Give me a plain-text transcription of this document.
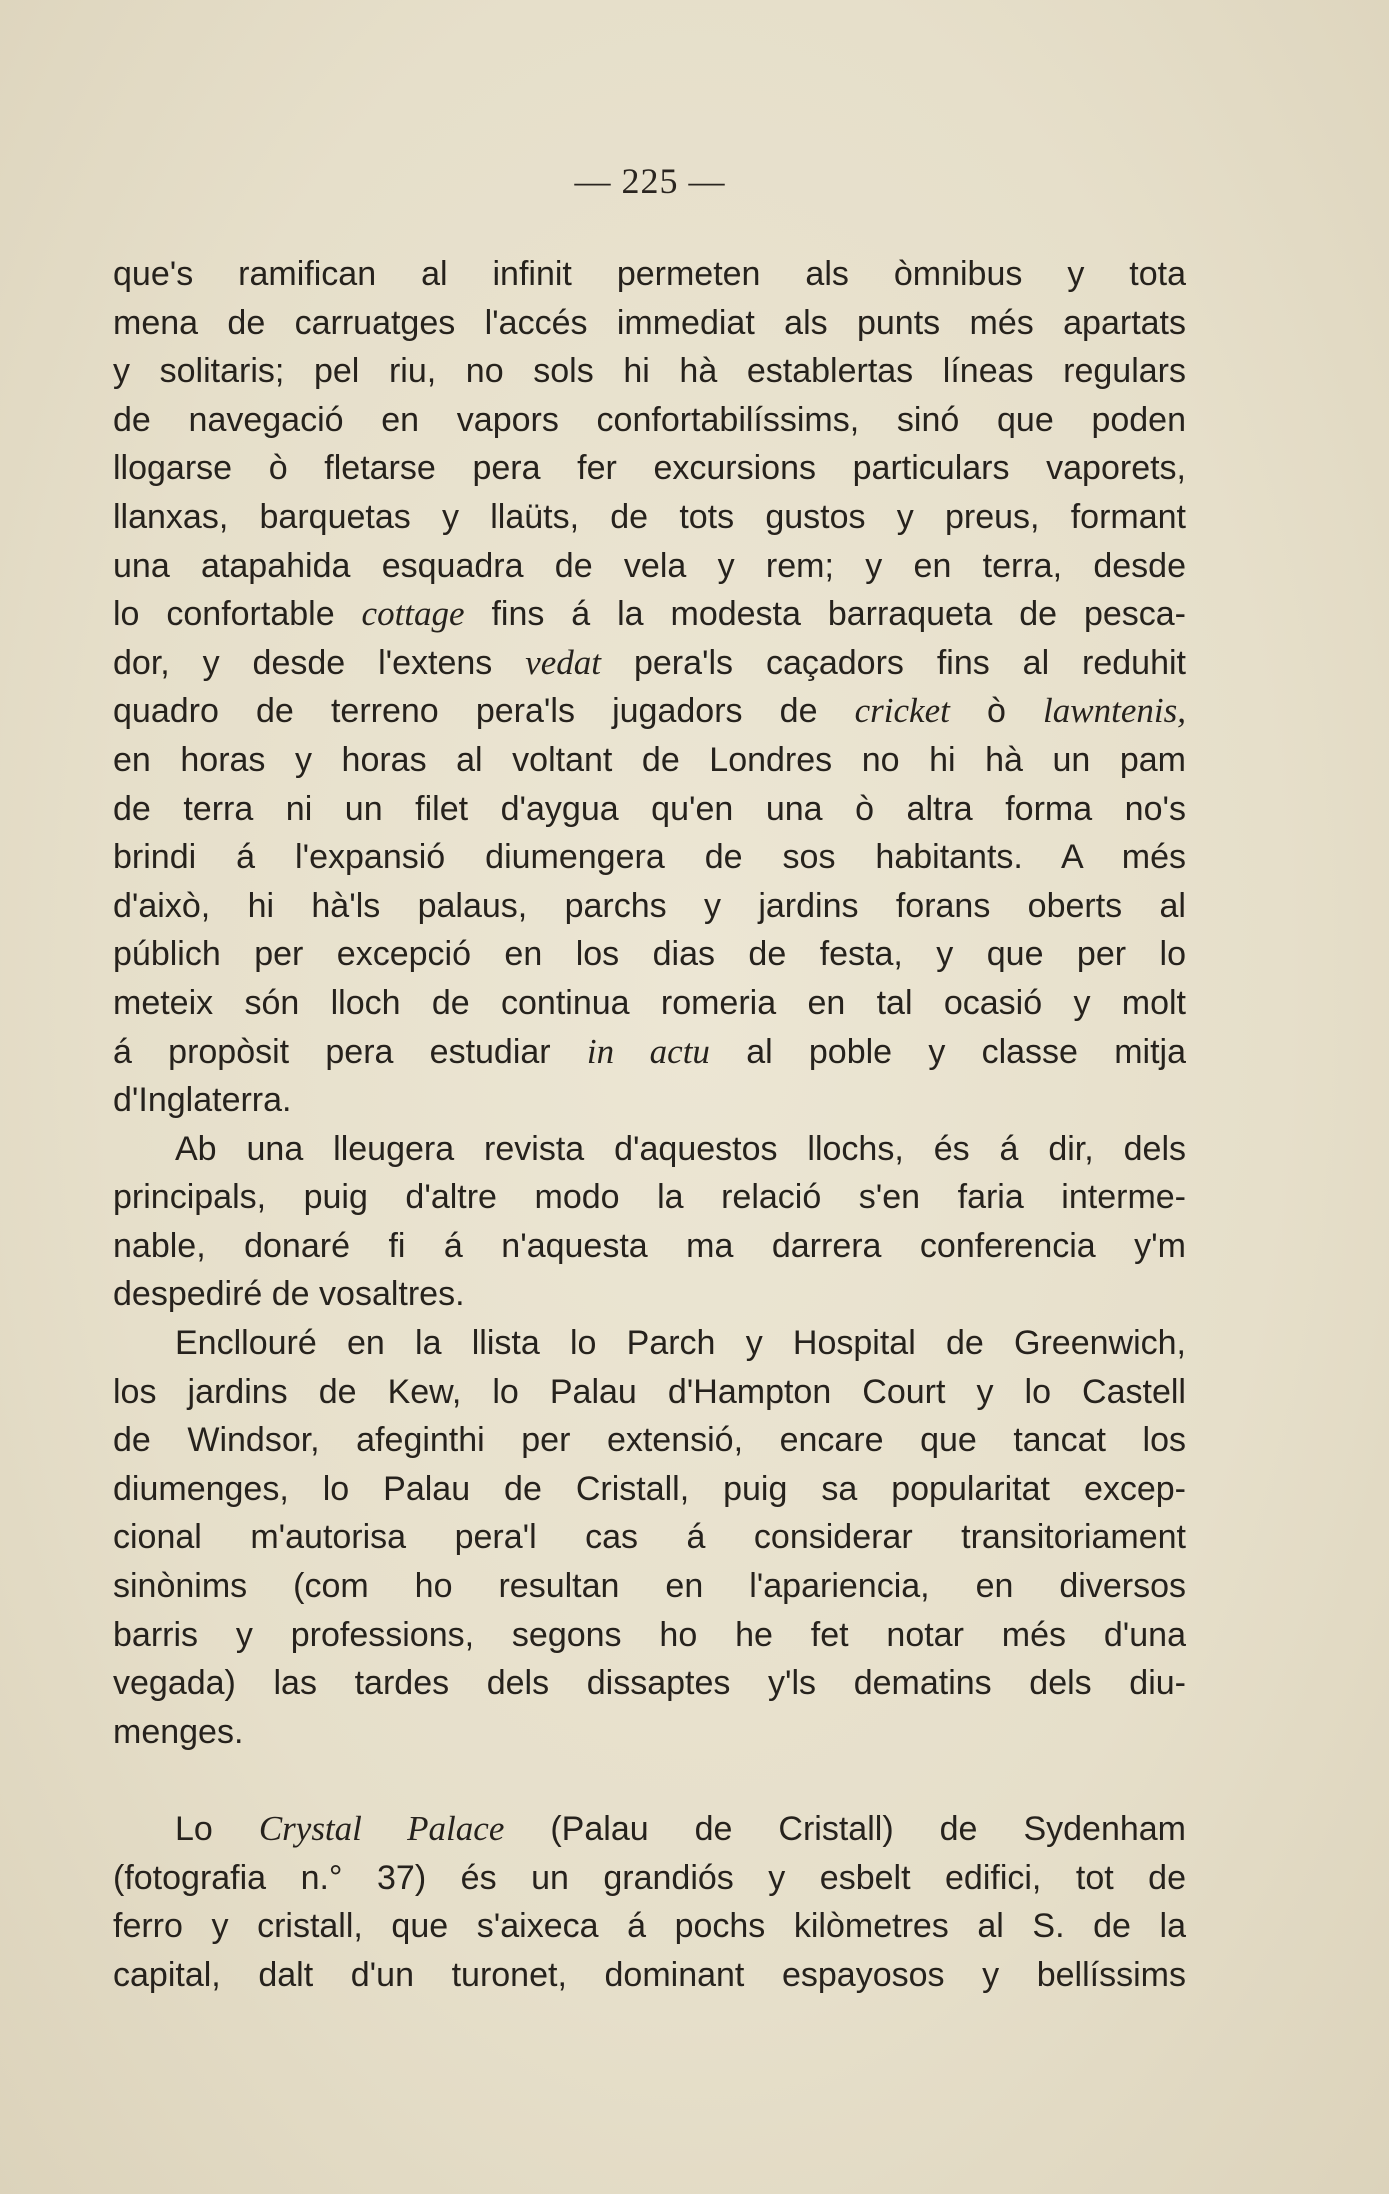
— 225 —
que's ramifican al infinit permeten als òmnibus y tota
mena de carruatges l'accés immediat als punts més apartats
y solitaris; pel riu, no sols hi hà establertas líneas regulars
de navegació en vapors confortabilíssims, sinó que poden
llogarse ò fletarse pera fer excursions particulars vaporets,
llanxas, barquetas y llaüts, de tots gustos y preus, formant
una atapahida esquadra de vela y rem; y en terra, desde
lo confortable cottage fins á la modesta barraqueta de pesca-
dor, y desde l'extens vedat pera'ls caçadors fins al reduhit
quadro de terreno pera'ls jugadors de cricket ò lawntenis,
en horas y horas al voltant de Londres no hi hà un pam
de terra ni un filet d'aygua qu'en una ò altra forma no's
brindi á l'expansió diumengera de sos habitants. A més
d'això, hi hà'ls palaus, parchs y jardins forans oberts al
públich per excepció en los dias de festa, y que per lo
meteix són lloch de continua romeria en tal ocasió y molt
á propòsit pera estudiar in actu al poble y classe mitja
d'Inglaterra.
Ab una lleugera revista d'aquestos llochs, és á dir, dels
principals, puig d'altre modo la relació s'en faria interme-
nable, donaré fi á n'aquesta ma darrera conferencia y'm
despediré de vosaltres.
Encllouré en la llista lo Parch y Hospital de Greenwich,
los jardins de Kew, lo Palau d'Hampton Court y lo Castell
de Windsor, afeginthi per extensió, encare que tancat los
diumenges, lo Palau de Cristall, puig sa popularitat excep-
cional m'autorisa pera'l cas á considerar transitoriament
sinònims (com ho resultan en l'apariencia, en diversos
barris y professions, segons ho he fet notar més d'una
vegada) las tardes dels dissaptes y'ls dematins dels diu-
menges.
Lo Crystal Palace (Palau de Cristall) de Sydenham
(fotografia n.° 37) és un grandiós y esbelt edifici, tot de
ferro y cristall, que s'aixeca á pochs kilòmetres al S. de la
capital, dalt d'un turonet, dominant espayosos y bellíssims
